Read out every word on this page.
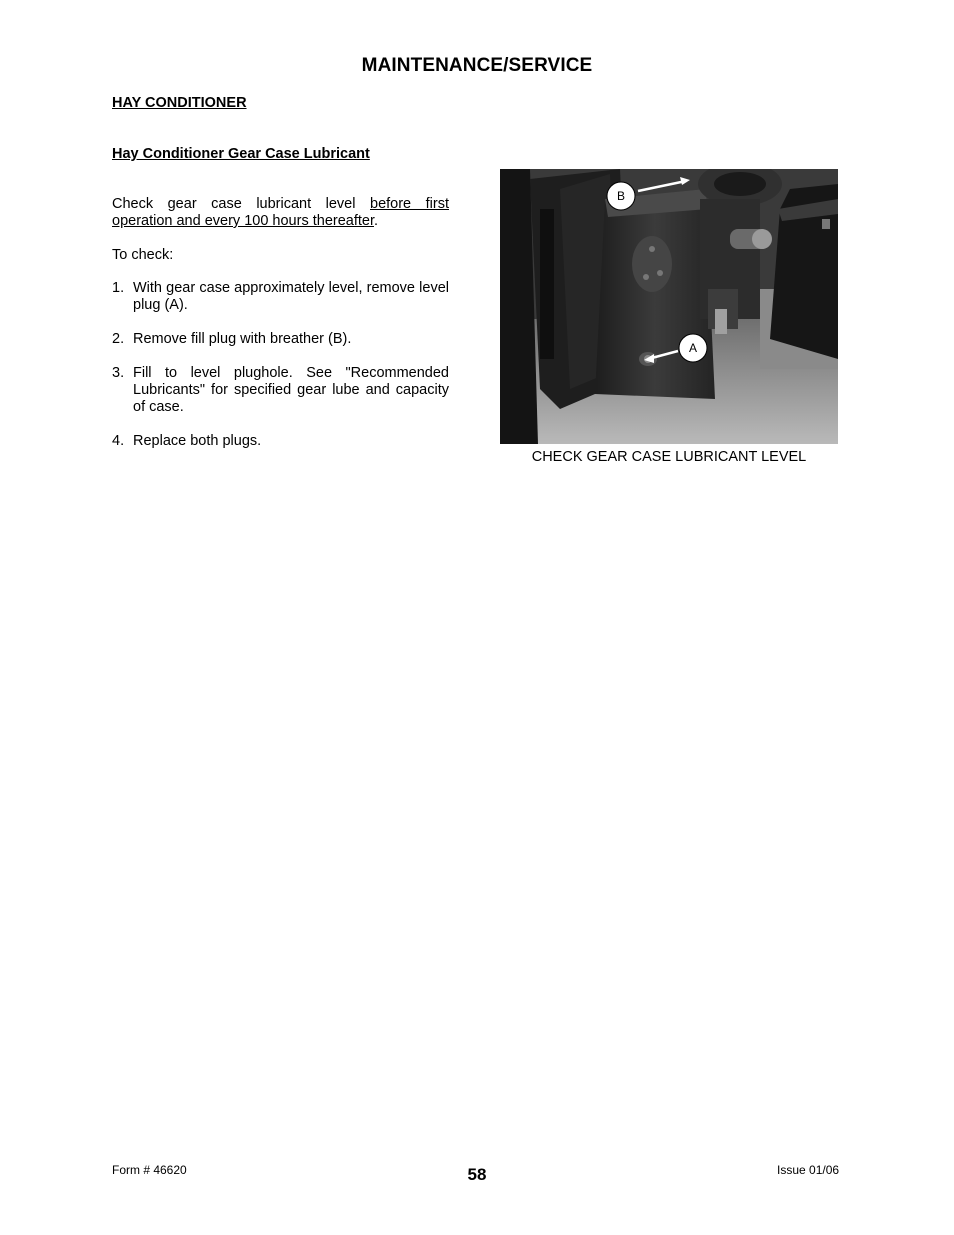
MAINTENANCE/SERVICE
HAY CONDITIONER
Hay Conditioner Gear Case Lubricant
Check gear case lubricant level before first operation and every 100 hours thereafter.
To check:
1. With gear case approximately level, remove level plug (A).
2. Remove fill plug with breather (B).
3. Fill to level plughole. See "Recommended Lubricants" for specified gear lube and capacity of case.
4. Replace both plugs.
B
A
CHECK GEAR CASE LUBRICANT LEVEL
Form # 46620	58	Issue 01/06
